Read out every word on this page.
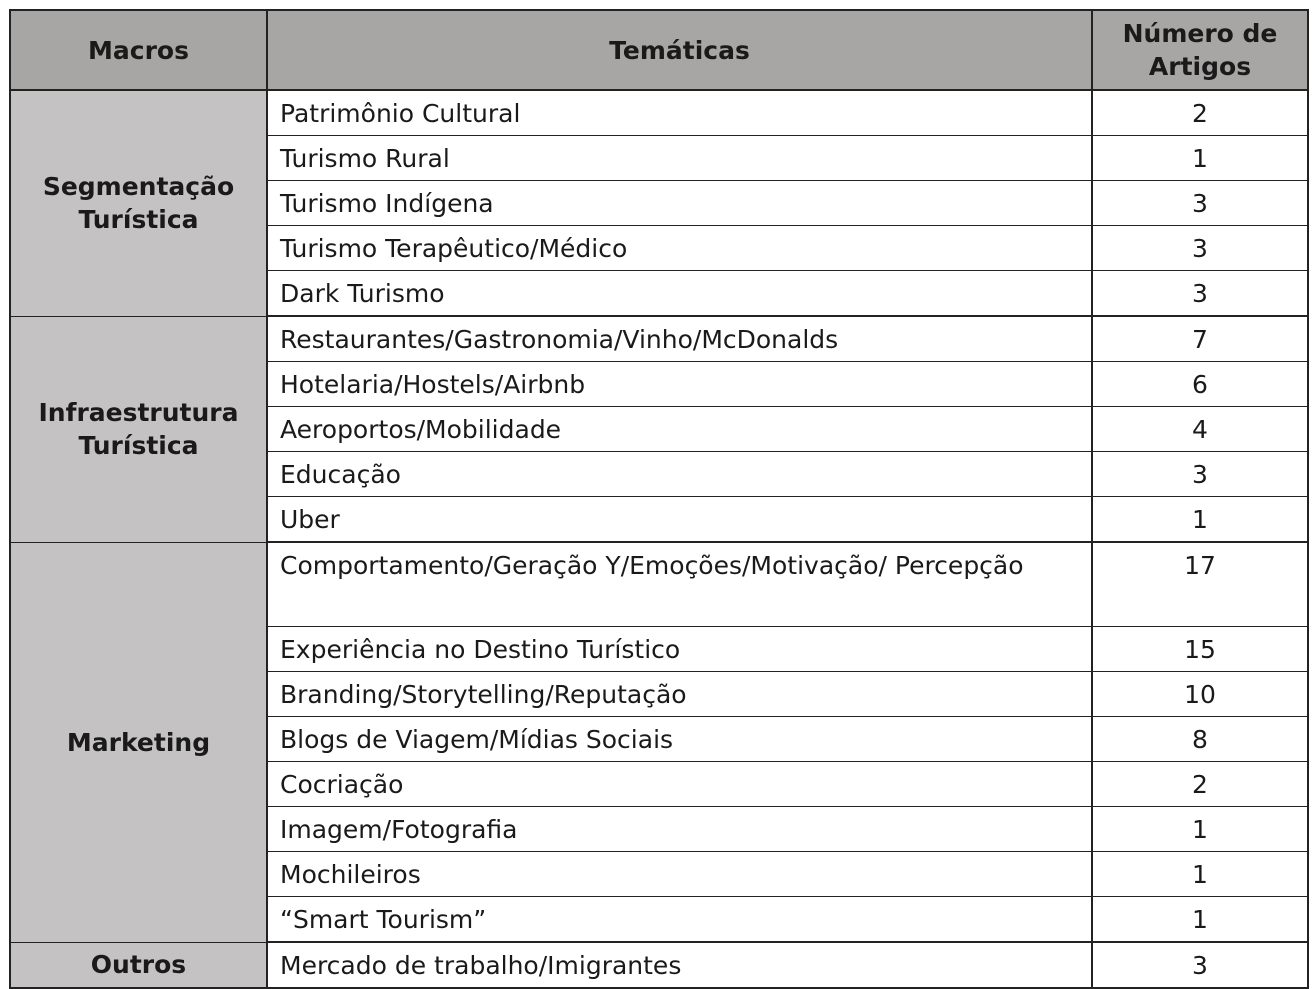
Macros	Temáticas	Número de Artigos
Segmentação Turística	Patrimônio Cultural	2
	Turismo Rural	1
	Turismo Indígena	3
	Turismo Terapêutico/Médico	3
	Dark Turismo	3
Infraestrutura Turística	Restaurantes/Gastronomia/Vinho/McDonalds	7
	Hotelaria/Hostels/Airbnb	6
	Aeroportos/Mobilidade	4
	Educação	3
	Uber	1
Marketing	Comportamento/Geração Y/Emoções/Motivação/ Percepção	17
	Experiência no Destino Turístico	15
	Branding/Storytelling/Reputação	10
	Blogs de Viagem/Mídias Sociais	8
	Cocriação	2
	Imagem/Fotografia	1
	Mochileiros	1
	“Smart Tourism”	1
Outros	Mercado de trabalho/Imigrantes	3
